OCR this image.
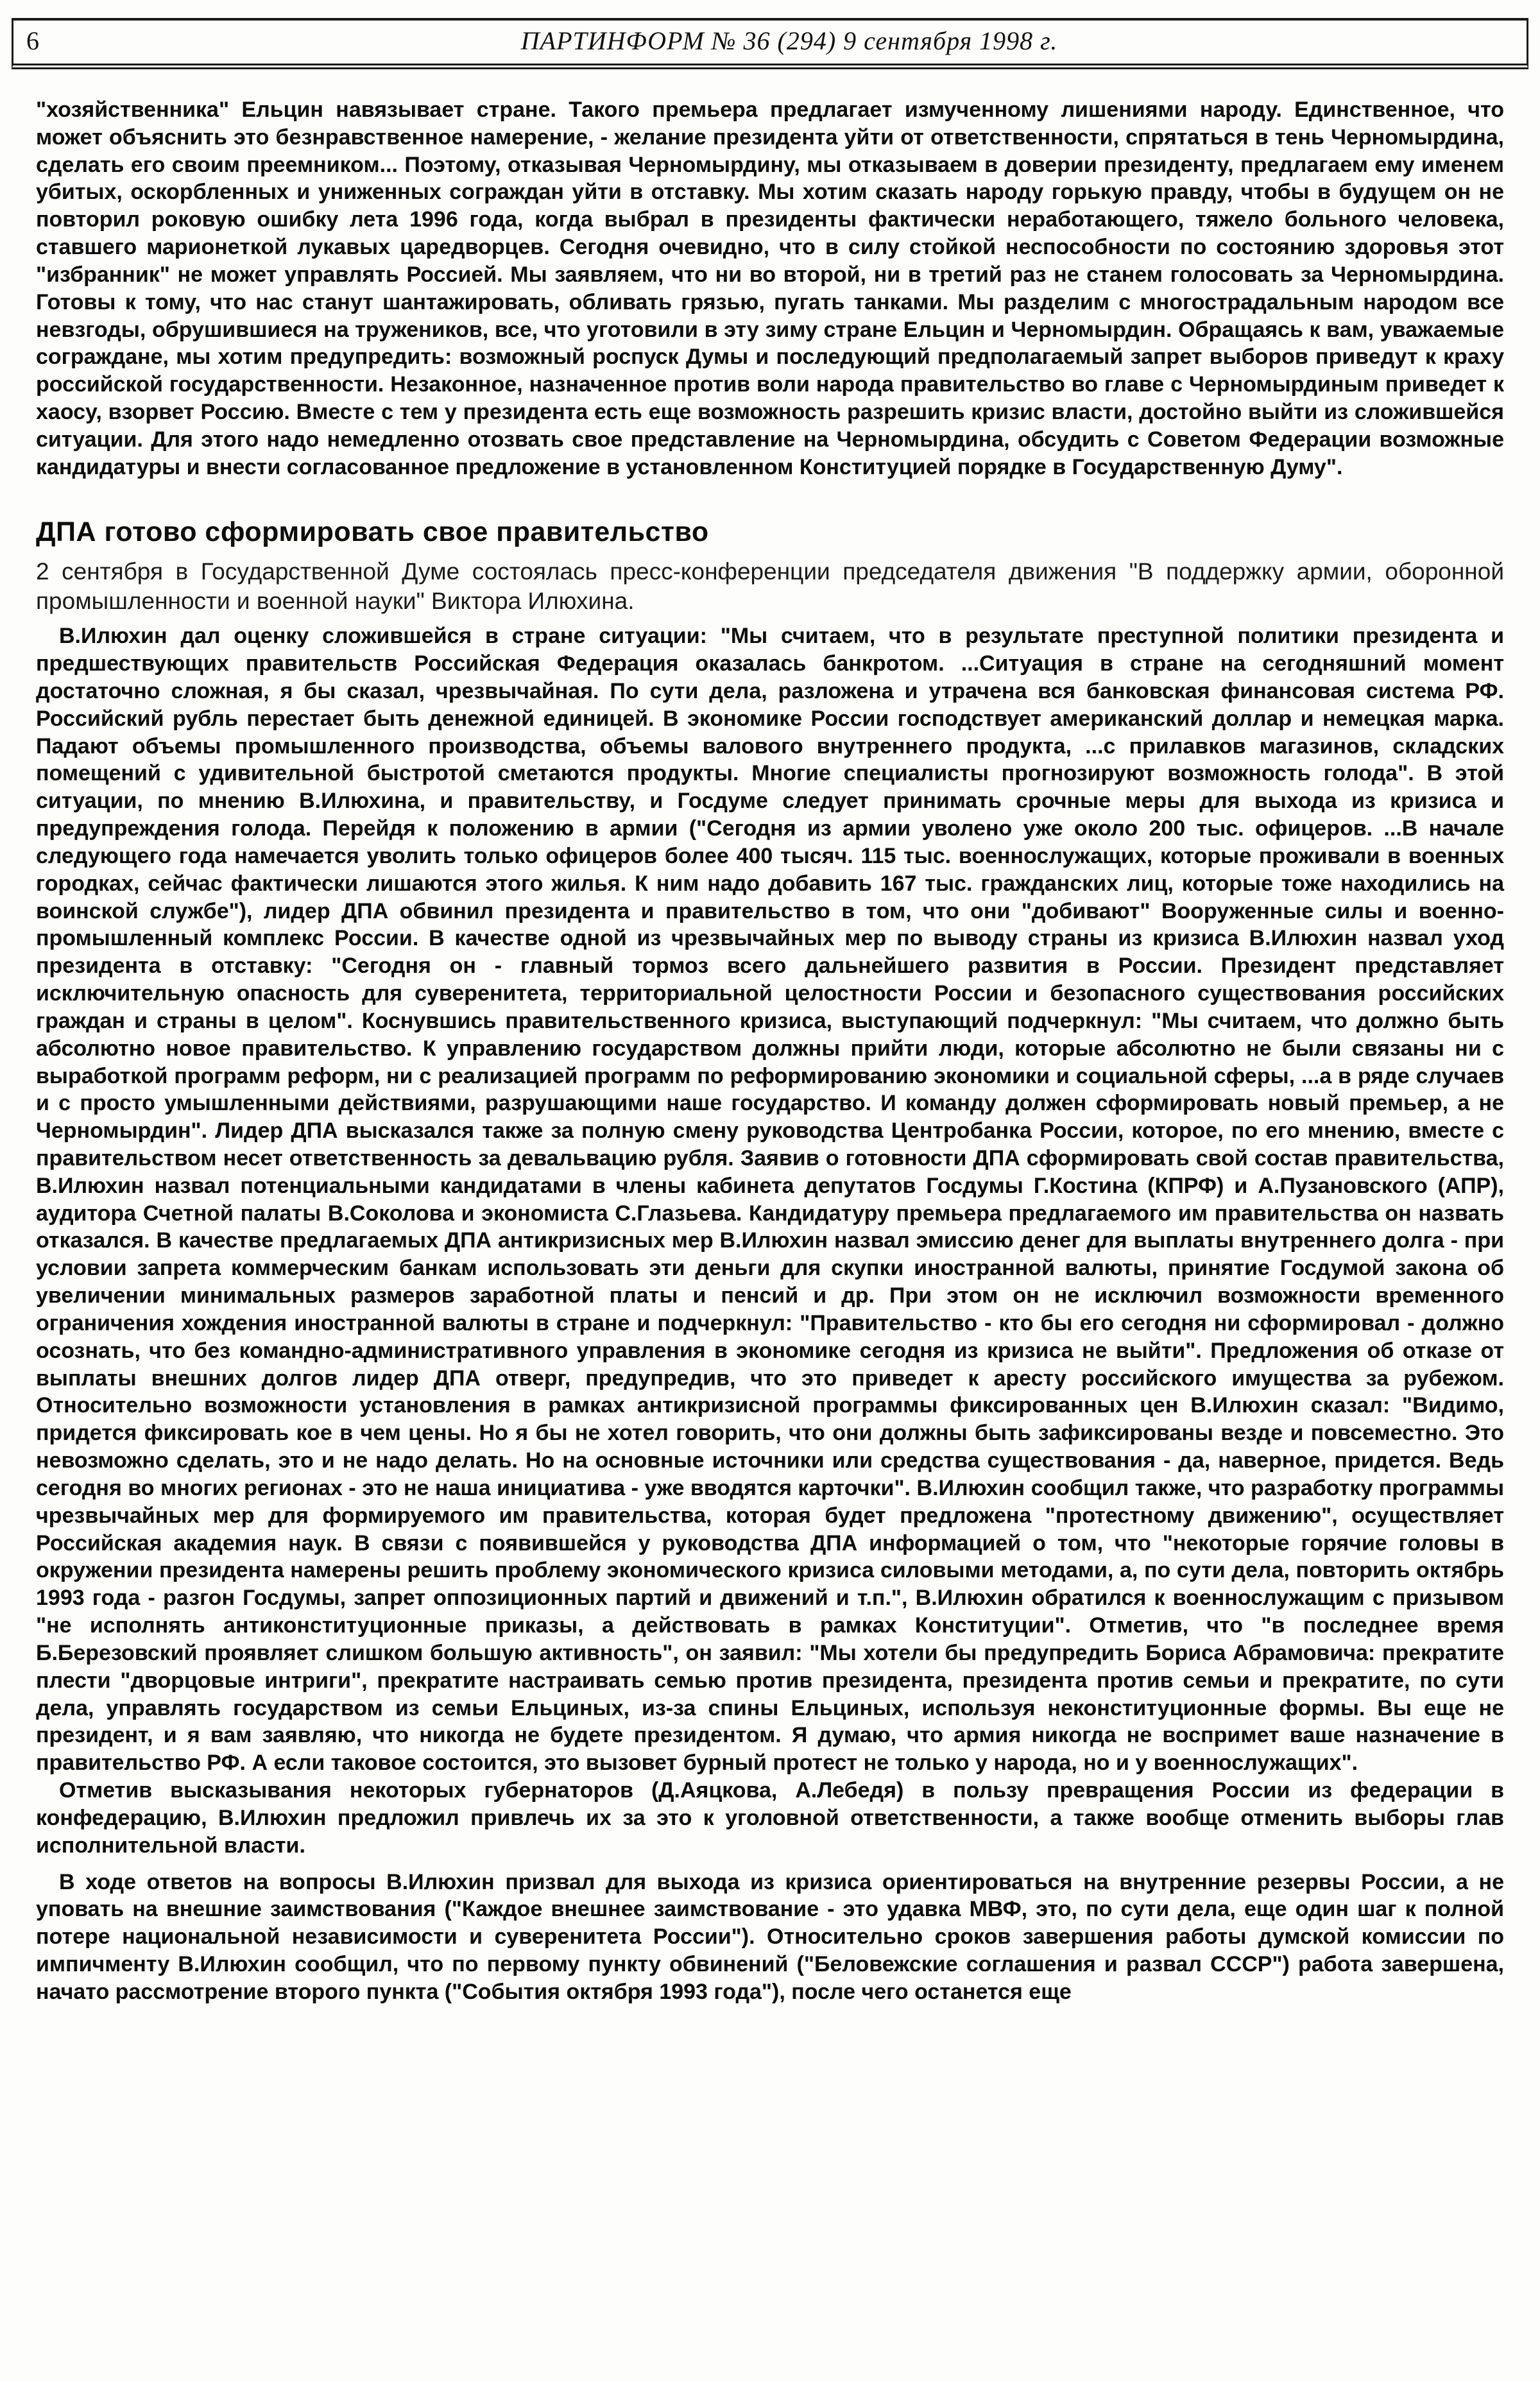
6	ПАРТИНФОРМ № 36 (294) 9 сентября 1998 г.

"хозяйственника" Ельцин навязывает стране. Такого премьера предлагает измученному лишениями народу. Единственное, что может объяснить это безнравственное намерение, - желание президента уйти от ответственности, спрятаться в тень Черномырдина, сделать его своим преемником... Поэтому, отказывая Черномырдину, мы отказываем в доверии президенту, предлагаем ему именем убитых, оскорбленных и униженных сограждан уйти в отставку. Мы хотим сказать народу горькую правду, чтобы в будущем он не повторил роковую ошибку лета 1996 года, когда выбрал в президенты фактически неработающего, тяжело больного человека, ставшего марионеткой лукавых царедворцев. Сегодня очевидно, что в силу стойкой неспособности по состоянию здоровья этот "избранник" не может управлять Россией. Мы заявляем, что ни во второй, ни в третий раз не станем голосовать за Черномырдина. Готовы к тому, что нас станут шантажировать, обливать грязью, пугать танками. Мы разделим с многострадальным народом все невзгоды, обрушившиеся на тружеников, все, что уготовили в эту зиму стране Ельцин и Черномырдин. Обращаясь к вам, уважаемые сограждане, мы хотим предупредить: возможный роспуск Думы и последующий предполагаемый запрет выборов приведут к краху российской государственности. Незаконное, назначенное против воли народа правительство во главе с Черномырдиным приведет к хаосу, взорвет Россию. Вместе с тем у президента есть еще возможность разрешить кризис власти, достойно выйти из сложившейся ситуации. Для этого надо немедленно отозвать свое представление на Черномырдина, обсудить с Советом Федерации возможные кандидатуры и внести согласованное предложение в установленном Конституцией порядке в Государственную Думу".

ДПА готово сформировать свое правительство

2 сентября в Государственной Думе состоялась пресс-конференции председателя движения "В поддержку армии, оборонной промышленности и военной науки" Виктора Илюхина.

В.Илюхин дал оценку сложившейся в стране ситуации: "Мы считаем, что в результате преступной политики президента и предшествующих правительств Российская Федерация оказалась банкротом. ...Ситуация в стране на сегодняшний момент достаточно сложная, я бы сказал, чрезвычайная. По сути дела, разложена и утрачена вся банковская финансовая система РФ. Российский рубль перестает быть денежной единицей. В экономике России господствует американский доллар и немецкая марка. Падают объемы промышленного производства, объемы валового внутреннего продукта, ...с прилавков магазинов, складских помещений с удивительной быстротой сметаются продукты. Многие специалисты прогнозируют возможность голода". В этой ситуации, по мнению В.Илюхина, и правительству, и Госдуме следует принимать срочные меры для выхода из кризиса и предупреждения голода. Перейдя к положению в армии ("Сегодня из армии уволено уже около 200 тыс. офицеров. ...В начале следующего года намечается уволить только офицеров более 400 тысяч. 115 тыс. военнослужащих, которые проживали в военных городках, сейчас фактически лишаются этого жилья. К ним надо добавить 167 тыс. гражданских лиц, которые тоже находились на воинской службе"), лидер ДПА обвинил президента и правительство в том, что они "добивают" Вооруженные силы и военно-промышленный комплекс России. В качестве одной из чрезвычайных мер по выводу страны из кризиса В.Илюхин назвал уход президента в отставку: "Сегодня он - главный тормоз всего дальнейшего развития в России. Президент представляет исключительную опасность для суверенитета, территориальной целостности России и безопасного существования российских граждан и страны в целом". Коснувшись правительственного кризиса, выступающий подчеркнул: "Мы считаем, что должно быть абсолютно новое правительство. К управлению государством должны прийти люди, которые абсолютно не были связаны ни с выработкой программ реформ, ни с реализацией программ по реформированию экономики и социальной сферы, ...а в ряде случаев и с просто умышленными действиями, разрушающими наше государство. И команду должен сформировать новый премьер, а не Черномырдин". Лидер ДПА высказался также за полную смену руководства Центробанка России, которое, по его мнению, вместе с правительством несет ответственность за девальвацию рубля. Заявив о готовности ДПА сформировать свой состав правительства, В.Илюхин назвал потенциальными кандидатами в члены кабинета депутатов Госдумы Г.Костина (КПРФ) и А.Пузановского (АПР), аудитора Счетной палаты В.Соколова и экономиста С.Глазьева. Кандидатуру премьера предлагаемого им правительства он назвать отказался. В качестве предлагаемых ДПА антикризисных мер В.Илюхин назвал эмиссию денег для выплаты внутреннего долга - при условии запрета коммерческим банкам использовать эти деньги для скупки иностранной валюты, принятие Госдумой закона об увеличении минимальных размеров заработной платы и пенсий и др. При этом он не исключил возможности временного ограничения хождения иностранной валюты в стране и подчеркнул: "Правительство - кто бы его сегодня ни сформировал - должно осознать, что без командно-административного управления в экономике сегодня из кризиса не выйти". Предложения об отказе от выплаты внешних долгов лидер ДПА отверг, предупредив, что это приведет к аресту российского имущества за рубежом. Относительно возможности установления в рамках антикризисной программы фиксированных цен В.Илюхин сказал: "Видимо, придется фиксировать кое в чем цены. Но я бы не хотел говорить, что они должны быть зафиксированы везде и повсеместно. Это невозможно сделать, это и не надо делать. Но на основные источники или средства существования - да, наверное, придется. Ведь сегодня во многих регионах - это не наша инициатива - уже вводятся карточки". В.Илюхин сообщил также, что разработку программы чрезвычайных мер для формируемого им правительства, которая будет предложена "протестному движению", осуществляет Российская академия наук. В связи с появившейся у руководства ДПА информацией о том, что "некоторые горячие головы в окружении президента намерены решить проблему экономического кризиса силовыми методами, а, по сути дела, повторить октябрь 1993 года - разгон Госдумы, запрет оппозиционных партий и движений и т.п.", В.Илюхин обратился к военнослужащим с призывом "не исполнять антиконституционные приказы, а действовать в рамках Конституции". Отметив, что "в последнее время Б.Березовский проявляет слишком большую активность", он заявил: "Мы хотели бы предупредить Бориса Абрамовича: прекратите плести "дворцовые интриги", прекратите настраивать семью против президента, президента против семьи и прекратите, по сути дела, управлять государством из семьи Ельциных, из-за спины Ельциных, используя неконституционные формы. Вы еще не президент, и я вам заявляю, что никогда не будете президентом. Я думаю, что армия никогда не воспримет ваше назначение в правительство РФ. А если таковое состоится, это вызовет бурный протест не только у народа, но и у военнослужащих".

Отметив высказывания некоторых губернаторов (Д.Аяцкова, А.Лебедя) в пользу превращения России из федерации в конфедерацию, В.Илюхин предложил привлечь их за это к уголовной ответственности, а также вообще отменить выборы глав исполнительной власти.

В ходе ответов на вопросы В.Илюхин призвал для выхода из кризиса ориентироваться на внутренние резервы России, а не уповать на внешние заимствования ("Каждое внешнее заимствование - это удавка МВФ, это, по сути дела, еще один шаг к полной потере национальной независимости и суверенитета России"). Относительно сроков завершения работы думской комиссии по импичменту В.Илюхин сообщил, что по первому пункту обвинений ("Беловежские соглашения и развал СССР") работа завершена, начато рассмотрение второго пункта ("События октября 1993 года"), после чего останется еще
